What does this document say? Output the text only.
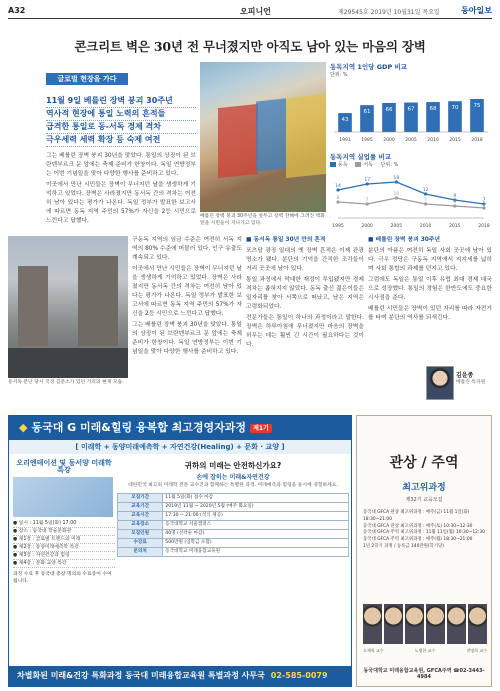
A32	오피니언	제29545호 2019년 10월31일 목요일	동아일보
콘크리트 벽은 30년 전 무너졌지만 아직도 남아 있는 마음의 장벽
글로벌 현장을 가다
11월 9일 베를린 장벽 붕괴 30주년
역사적 현장에 통일 노력의 흔적들
급격한 통일로 동-서독 경제 격차
극우세력 세력 확장 등 숙제 여전
베를린 장벽 붕괴 30주년을 앞두고 장벽 잔해에 그려진 벽화 앞을 시민들이 지나가고 있다.
동독지역 1인당 GDP 비교
단위: %
43
1991
61
1995
66
2000
67
2005
68
2010
70
2015
75
2018
동독지역 실업률 비교
동독	서독 단위: %
14
17	18
12
9
7
8	7
10
7	6	5
1995	2000	2005	2010	2015	2018
동서독 분단 당시 국경 검문소가 있던 거리의 현재 모습.

그는 베를린 장벽 붕괴 30년을 맞았다. 통일의 상징이 된 브란덴부르크 문 앞에는 축제 준비가 한창이다. 독일 연방정부는 이번 기념일을 맞아 다양한 행사를 준비하고 있다.

이곳에서 만난 시민들은 장벽이 무너지던 날을 생생하게 기억하고 있었다. 장벽은 사라졌지만 동서독 간의 격차는 여전히 남아 있다는 평가가 나온다. 독일 정부가 발표한 보고서에 따르면 동독 지역 주민의 57%가 자신을 2등 시민으로 느낀다고 답했다.

구동독 지역의 임금 수준은 여전히 서독 지역의 80% 수준에 머물러 있다. 인구 유출도 계속되고 있다.

이곳에서 만난 시민들은 장벽이 무너지던 날을 생생하게 기억하고 있었다. 장벽은 사라졌지만 동서독 간의 격차는 여전히 남아 있다는 평가가 나온다. 독일 정부가 발표한 보고서에 따르면 동독 지역 주민의 57%가 자신을 2등 시민으로 느낀다고 답했다.

그는 베를린 장벽 붕괴 30년을 맞았다. 통일의 상징이 된 브란덴부르크 문 앞에는 축제 준비가 한창이다. 독일 연방정부는 이번 기념일을 맞아 다양한 행사를 준비하고 있다.

■ 동서독 통일 30년 만의 흔적

포츠담 광장 일대의 옛 장벽 흔적은 이제 관광 명소가 됐다. 분단의 기억을 간직한 조각들이 거리 곳곳에 남아 있다.

통일 과정에서 막대한 재정이 투입됐지만 경제 격차는 좁혀지지 않았다. 동독 출신 젊은이들은 일자리를 찾아 서쪽으로 떠났고, 남은 지역은 고령화되었다.

전문가들은 통일이 하나의 과정이라고 말한다. 장벽은 하루아침에 무너졌지만 마음의 장벽을 허무는 데는 훨씬 긴 시간이 필요하다는 것이다.

■ 베를린 장벽 붕괴 30주년

분단의 아픔은 여전히 독일 사회 곳곳에 남아 있다. 극우 정당은 구동독 지역에서 지지세를 넓히며 사회 통합의 과제를 던지고 있다.

그럼에도 독일은 통일 이후 유럽 최대 경제 대국으로 성장했다. 통일의 경험은 한반도에도 중요한 시사점을 준다.

베를린 시민들은 장벽이 있던 자리를 따라 자전거를 타며 분단의 역사를 되새긴다.

김윤종
베를린 특파원
◆ 동국대 G 미래&힐링 융복합 최고경영자과정 제1기
[ 미래학 + 동양미래예측학 + 자연건강(Healing) + 문화 · 교양 ]
오리엔테이션 및 동서양 미래학 특강
● 일시 : 11월 5일(화) 17:00
● 장소 : 동국대 학술문화관
● 제1강 : 글로벌 트렌드와 미래
● 제2강 : 동양미래예측학 특강
● 제3강 : 자연건강과 힐링
● 제4강 : 문화·교양 특강
과정 수료 후 동국대 총장 명의의 수료증이 수여됩니다.
귀하의 미래는 안전하신가요?
손에 잡히는 미래&자연건강
대한민국 최고의 미래학 전문 교수진과 함께하는 특별한 과정. 미래예측과 힐링을 동시에 경험하세요.
모집기간	11월 5일(화) 접수 마감
교육기간	2019년 11월 ~ 2020년 5월 (매주 화요일)
교육시간	17:30 ~ 21:00 (석식 제공)
교육장소	동국대학교 서울캠퍼스
모집인원	40명 (선착순 마감)
수강료	500만원 (입학금 포함)
문의처	동국대학교 미래융합교육원
차별화된 미래&건강 특화과정 동국대 미래융합교육원 특별과정 사무국 02-585-0079
관상 / 주역
최고위과정
제32기 교육모집
동국대 GFCA 관상 최고위과정 : 매주(금) 11월 1일(화) 18:30~21:00
동국대 GFCA 관상 최고위과정 : 매주(토) 10:30~12:30
동국대 GFCA 주역 최고위과정 : 11월 11일(월) 10:30~12:30
동국대 GFCA 주역 최고위과정 : 매주(월) 18:30~21:00
1년 2학기 과정 / 등록금 140만원(학기당)
소재학 교수	노병한 교수	전명희 교수
동국대학교 미래융합교육원, GFCA주역 ☎02-3443-4984
